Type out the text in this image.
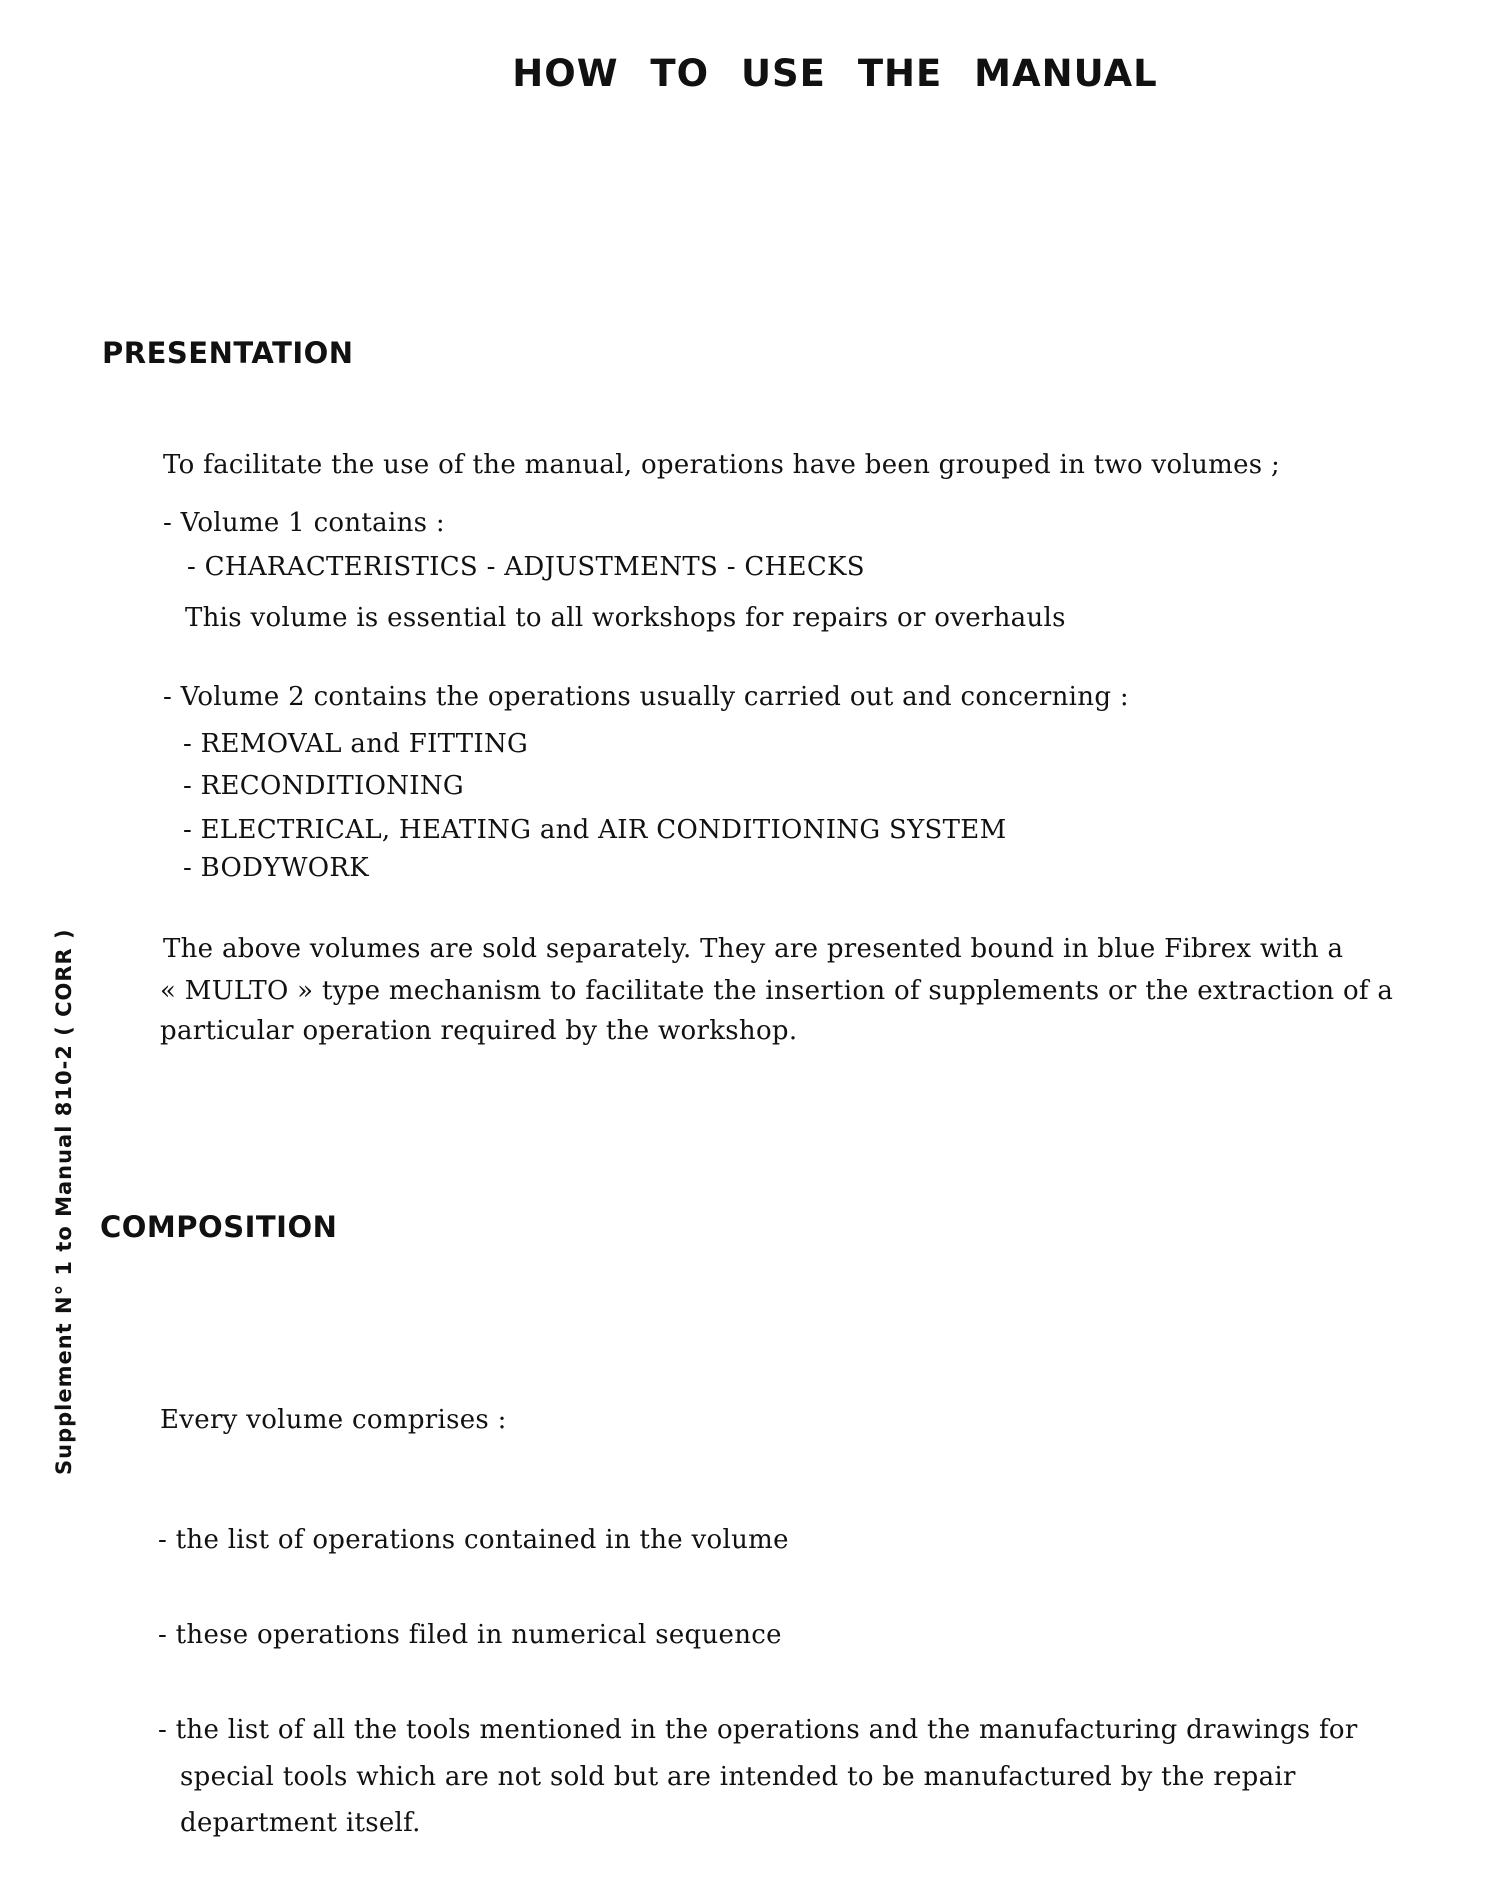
HOW TO USE THE MANUAL
Supplement N° 1 to Manual 810-2 ( CORR )
PRESENTATION
To facilitate the use of the manual, operations have been grouped in two volumes ;
- Volume 1 contains :
- CHARACTERISTICS - ADJUSTMENTS - CHECKS
This volume is essential to all workshops for repairs or overhauls
- Volume 2 contains the operations usually carried out and concerning :
- REMOVAL and FITTING
- RECONDITIONING
- ELECTRICAL, HEATING and AIR CONDITIONING SYSTEM
- BODYWORK
The above volumes are sold separately. They are presented bound in blue Fibrex with a
« MULTO » type mechanism to facilitate the insertion of supplements or the extraction of a
particular operation required by the workshop.
COMPOSITION
Every volume comprises :
- the list of operations contained in the volume
- these operations filed in numerical sequence
- the list of all the tools mentioned in the operations and the manufacturing drawings for
special tools which are not sold but are intended to be manufactured by the repair
department itself.
